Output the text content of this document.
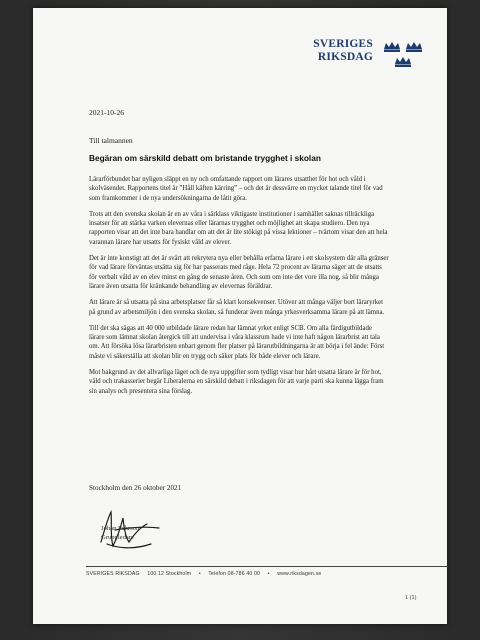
SVERIGES
RIKSDAG
2021-10-26
Till talmannen
Begäran om särskild debatt om bristande trygghet i skolan

Lärarförbundet har nyligen släppt en ny och omfattande rapport om lärares utsatthet för hot och våld i skolväsendet. Rapportens titel är ”Håll käften kärring” – och det är dessvärre en mycket talande titel för vad som framkommer i de nya undersökningarna de låtit göra.

Trots att den svenska skolan är en av våra i särklass viktigaste institutioner i samhället saknas tillräckliga insatser för att stärka varken elevernas eller lärarnas trygghet och möjlighet att skapa studiero. Den nya rapporten visar att det inte bara handlar om att det är lite stökigt på vissa lektioner – tvärtom visar den att hela varannan lärare har utsatts för fysiskt våld av elever.

Det är inte konstigt att det är svårt att rekrytera nya eller behålla erfarna lärare i ett skolsystem där alla gränser för vad lärare förväntas utsätta sig för har passerats med råge. Hela 72 procent av lärarna säger att de utsatts för verbalt våld av en elev minst en gång de senaste åren. Och som om inte det vore illa nog, så blir många lärare även utsatta för kränkande behandling av elevernas föräldrar.

Att lärare är så utsatta på sina arbetsplatser får så klart konsekvenser. Utöver att många väljer bort läraryrket på grund av arbetsmiljön i den svenska skolan, så funderar även många yrkesverksamma lärare på att lämna.

Till det ska sägas att 40 000 utbildade lärare redan har lämnat yrket enligt SCB. Om alla färdigutbildade lärare som lämnat skolan återgick till att undervisa i våra klassrum hade vi inte haft någon lärarbrist att tala om. Att försöka lösa lärarbristen enbart genom fler platser på lärarutbildningarna är att börja i fel ände: Först måste vi säkerställa att skolan blir en trygg och säker plats för både elever och lärare.

Mot bakgrund av det allvarliga läget och de nya uppgifter som tydligt visar hur hårt utsatta lärare är för hot, våld och trakasserier begär Liberalerna en särskild debatt i riksdagen för att varje parti ska kunna lägga fram sin analys och presentera sina förslag.

Stockholm den 26 oktober 2021
Johan Pehrson
Gruppledare
SVERIGES RIKSDAG 100 12 Stockholm • Telefon 08-786 40 00 • www.riksdagen.se
1 (1)
